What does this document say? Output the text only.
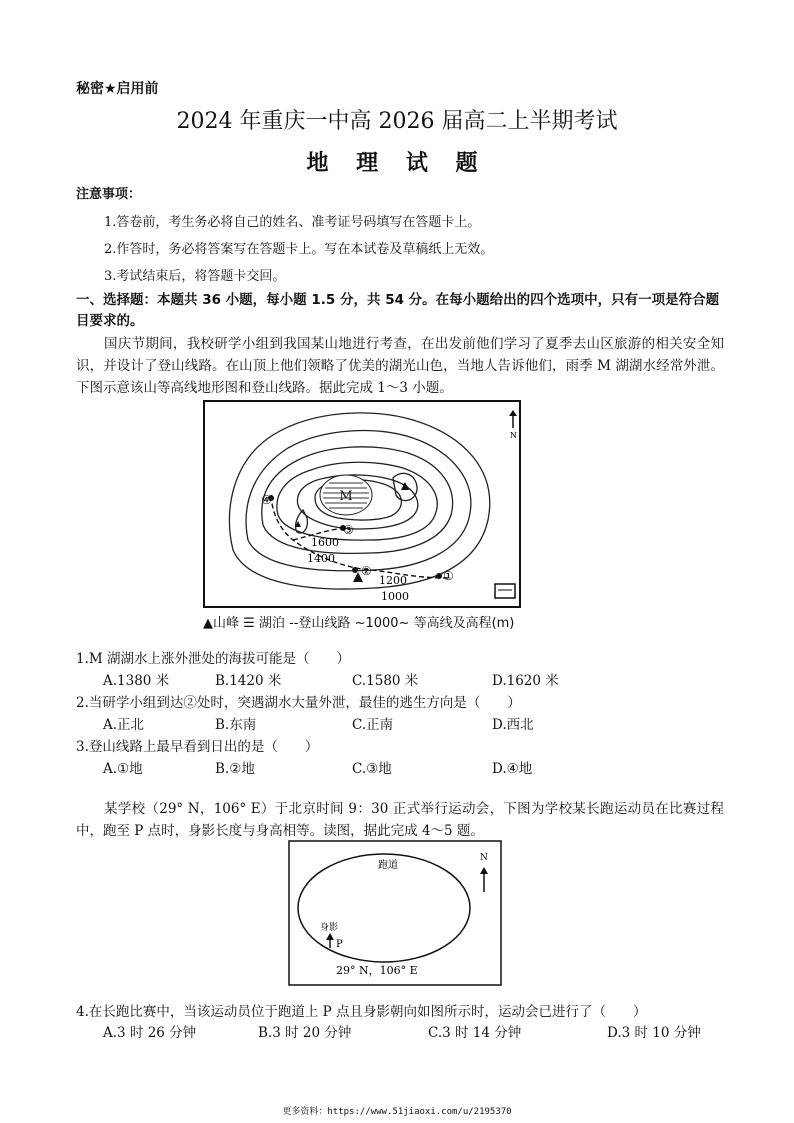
秘密★启用前
2024 年重庆一中高 2026 届高二上半期考试
地 理 试 题
注意事项：
1.答卷前，考生务必将自己的姓名、准考证号码填写在答题卡上。
2.作答时，务必将答案写在答题卡上。写在本试卷及草稿纸上无效。
3.考试结束后，将答题卡交回。
一、选择题：本题共 36 小题，每小题 1.5 分，共 54 分。在每小题给出的四个选项中，只有一项是符合题目要求的。
国庆节期间，我校研学小组到我国某山地进行考查，在出发前他们学习了夏季去山区旅游的相关安全知识，并设计了登山线路。在山顶上他们领略了优美的湖光山色，当地人告诉他们，雨季 M 湖湖水经常外泄。下图示意该山等高线地形图和登山线路。据此完成 1～3 小题。
M
④
③
②	①
1600
1400
1200
1000
N
▲山峰 ☰ 湖泊 --登山线路 ~1000~ 等高线及高程(m)
1.M 湖湖水上涨外泄处的海拔可能是（　　）
A.1380 米	B.1420 米	C.1580 米	D.1620 米
2.当研学小组到达②处时，突遇湖水大量外泄，最佳的逃生方向是（　　）
A.正北	B.东南	C.正南	D.西北
3.登山线路上最早看到日出的是（　　）
A.①地	B.②地	C.③地	D.④地
某学校（29° N，106° E）于北京时间 9：30 正式举行运动会，下图为学校某长跑运动员在比赛过程中，跑至 P 点时，身影长度与身高相等。读图，据此完成 4～5 题。
跑道
N
身影
P
29° N，106° E
4.在长跑比赛中，当该运动员位于跑道上 P 点且身影朝向如图所示时，运动会已进行了（　　）
A.3 时 26 分钟	B.3 时 20 分钟	C.3 时 14 分钟	D.3 时 10 分钟
更多资料：https://www.51jiaoxi.com/u/2195370
